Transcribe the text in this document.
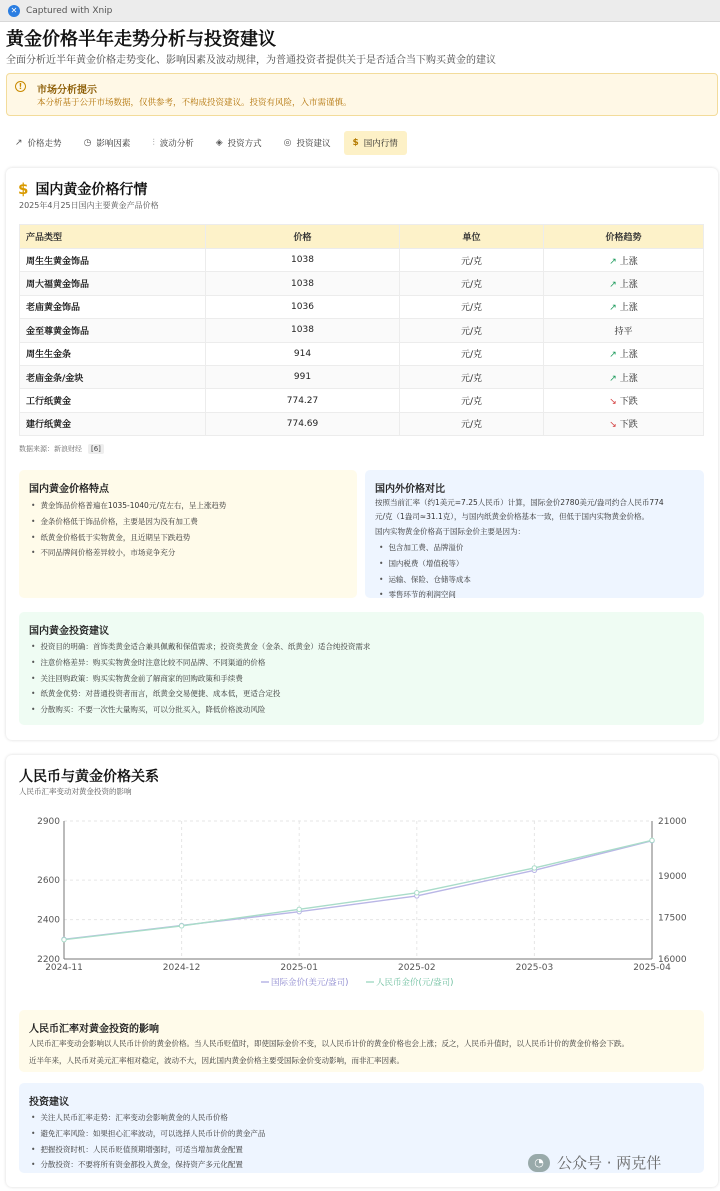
✕ Captured with Xnip
黄金价格半年走势分析与投资建议
全面分析近半年黄金价格走势变化、影响因素及波动规律，为普通投资者提供关于是否适合当下购买黄金的建议
!	市场分析提示
本分析基于公开市场数据，仅供参考，不构成投资建议。投资有风险，入市需谨慎。
↗ 价格走势 ◷ 影响因素 ⫶ 波动分析 ◈ 投资方式 ◎ 投资建议 $ 国内行情
$ 国内黄金价格行情
2025年4月25日国内主要黄金产品价格
产品类型	价格	单位	价格趋势
周生生黄金饰品	1038	元/克	↗ 上涨
周大福黄金饰品	1038	元/克	↗ 上涨
老庙黄金饰品	1036	元/克	↗ 上涨
金至尊黄金饰品	1038	元/克	持平
周生生金条	914	元/克	↗ 上涨
老庙金条/金块	991	元/克	↗ 上涨
工行纸黄金	774.27	元/克	↘ 下跌
建行纸黄金	774.69	元/克	↘ 下跌
数据来源：新浪财经	[6]
国内黄金价格特点
• 黄金饰品价格普遍在1035-1040元/克左右，呈上涨趋势
• 金条价格低于饰品价格，主要是因为没有加工费
• 纸黄金价格低于实物黄金，且近期呈下跌趋势
• 不同品牌间价格差异较小，市场竞争充分
国内外价格对比

按照当前汇率（约1美元=7.25人民币）计算，国际金价2780美元/盎司约合人民币774
元/克（1盎司≈31.1克），与国内纸黄金价格基本一致，但低于国内实物黄金价格。

国内实物黄金价格高于国际金价主要是因为：

• 包含加工费、品牌溢价
• 国内税费（增值税等）
• 运输、保险、仓储等成本
• 零售环节的利润空间
国内黄金投资建议
• 投资目的明确：首饰类黄金适合兼具佩戴和保值需求；投资类黄金（金条、纸黄金）适合纯投资需求
• 注意价格差异：购买实物黄金时注意比较不同品牌、不同渠道的价格
• 关注回购政策：购买实物黄金前了解商家的回购政策和手续费
• 纸黄金优势：对普通投资者而言，纸黄金交易便捷、成本低，更适合定投
• 分散购买：不要一次性大量购买，可以分批买入，降低价格波动风险
人民币与黄金价格关系
人民币汇率变动对黄金投资的影响
2200
2400
2600
2900
16000
17500
19000
21000
2024-11	2024-12	2025-01	2025-02	2025-03	2025-04
国际金价(美元/盎司)	人民币金价(元/盎司)
人民币汇率对黄金投资的影响

人民币汇率变动会影响以人民币计价的黄金价格。当人民币贬值时，即使国际金价不变，以人民币计价的黄金价格也会上涨；反之，人民币升值时，以人民币计价的黄金价格会下跌。

近半年来，人民币对美元汇率相对稳定，波动不大，因此国内黄金价格主要受国际金价变动影响，而非汇率因素。

投资建议
• 关注人民币汇率走势：汇率变动会影响黄金的人民币价格
• 避免汇率风险：如果担心汇率波动，可以选择人民币计价的黄金产品
• 把握投资时机：人民币贬值预期增强时，可适当增加黄金配置
• 分散投资：不要将所有资金都投入黄金，保持资产多元化配置	◔ 公众号 · 两克伴
